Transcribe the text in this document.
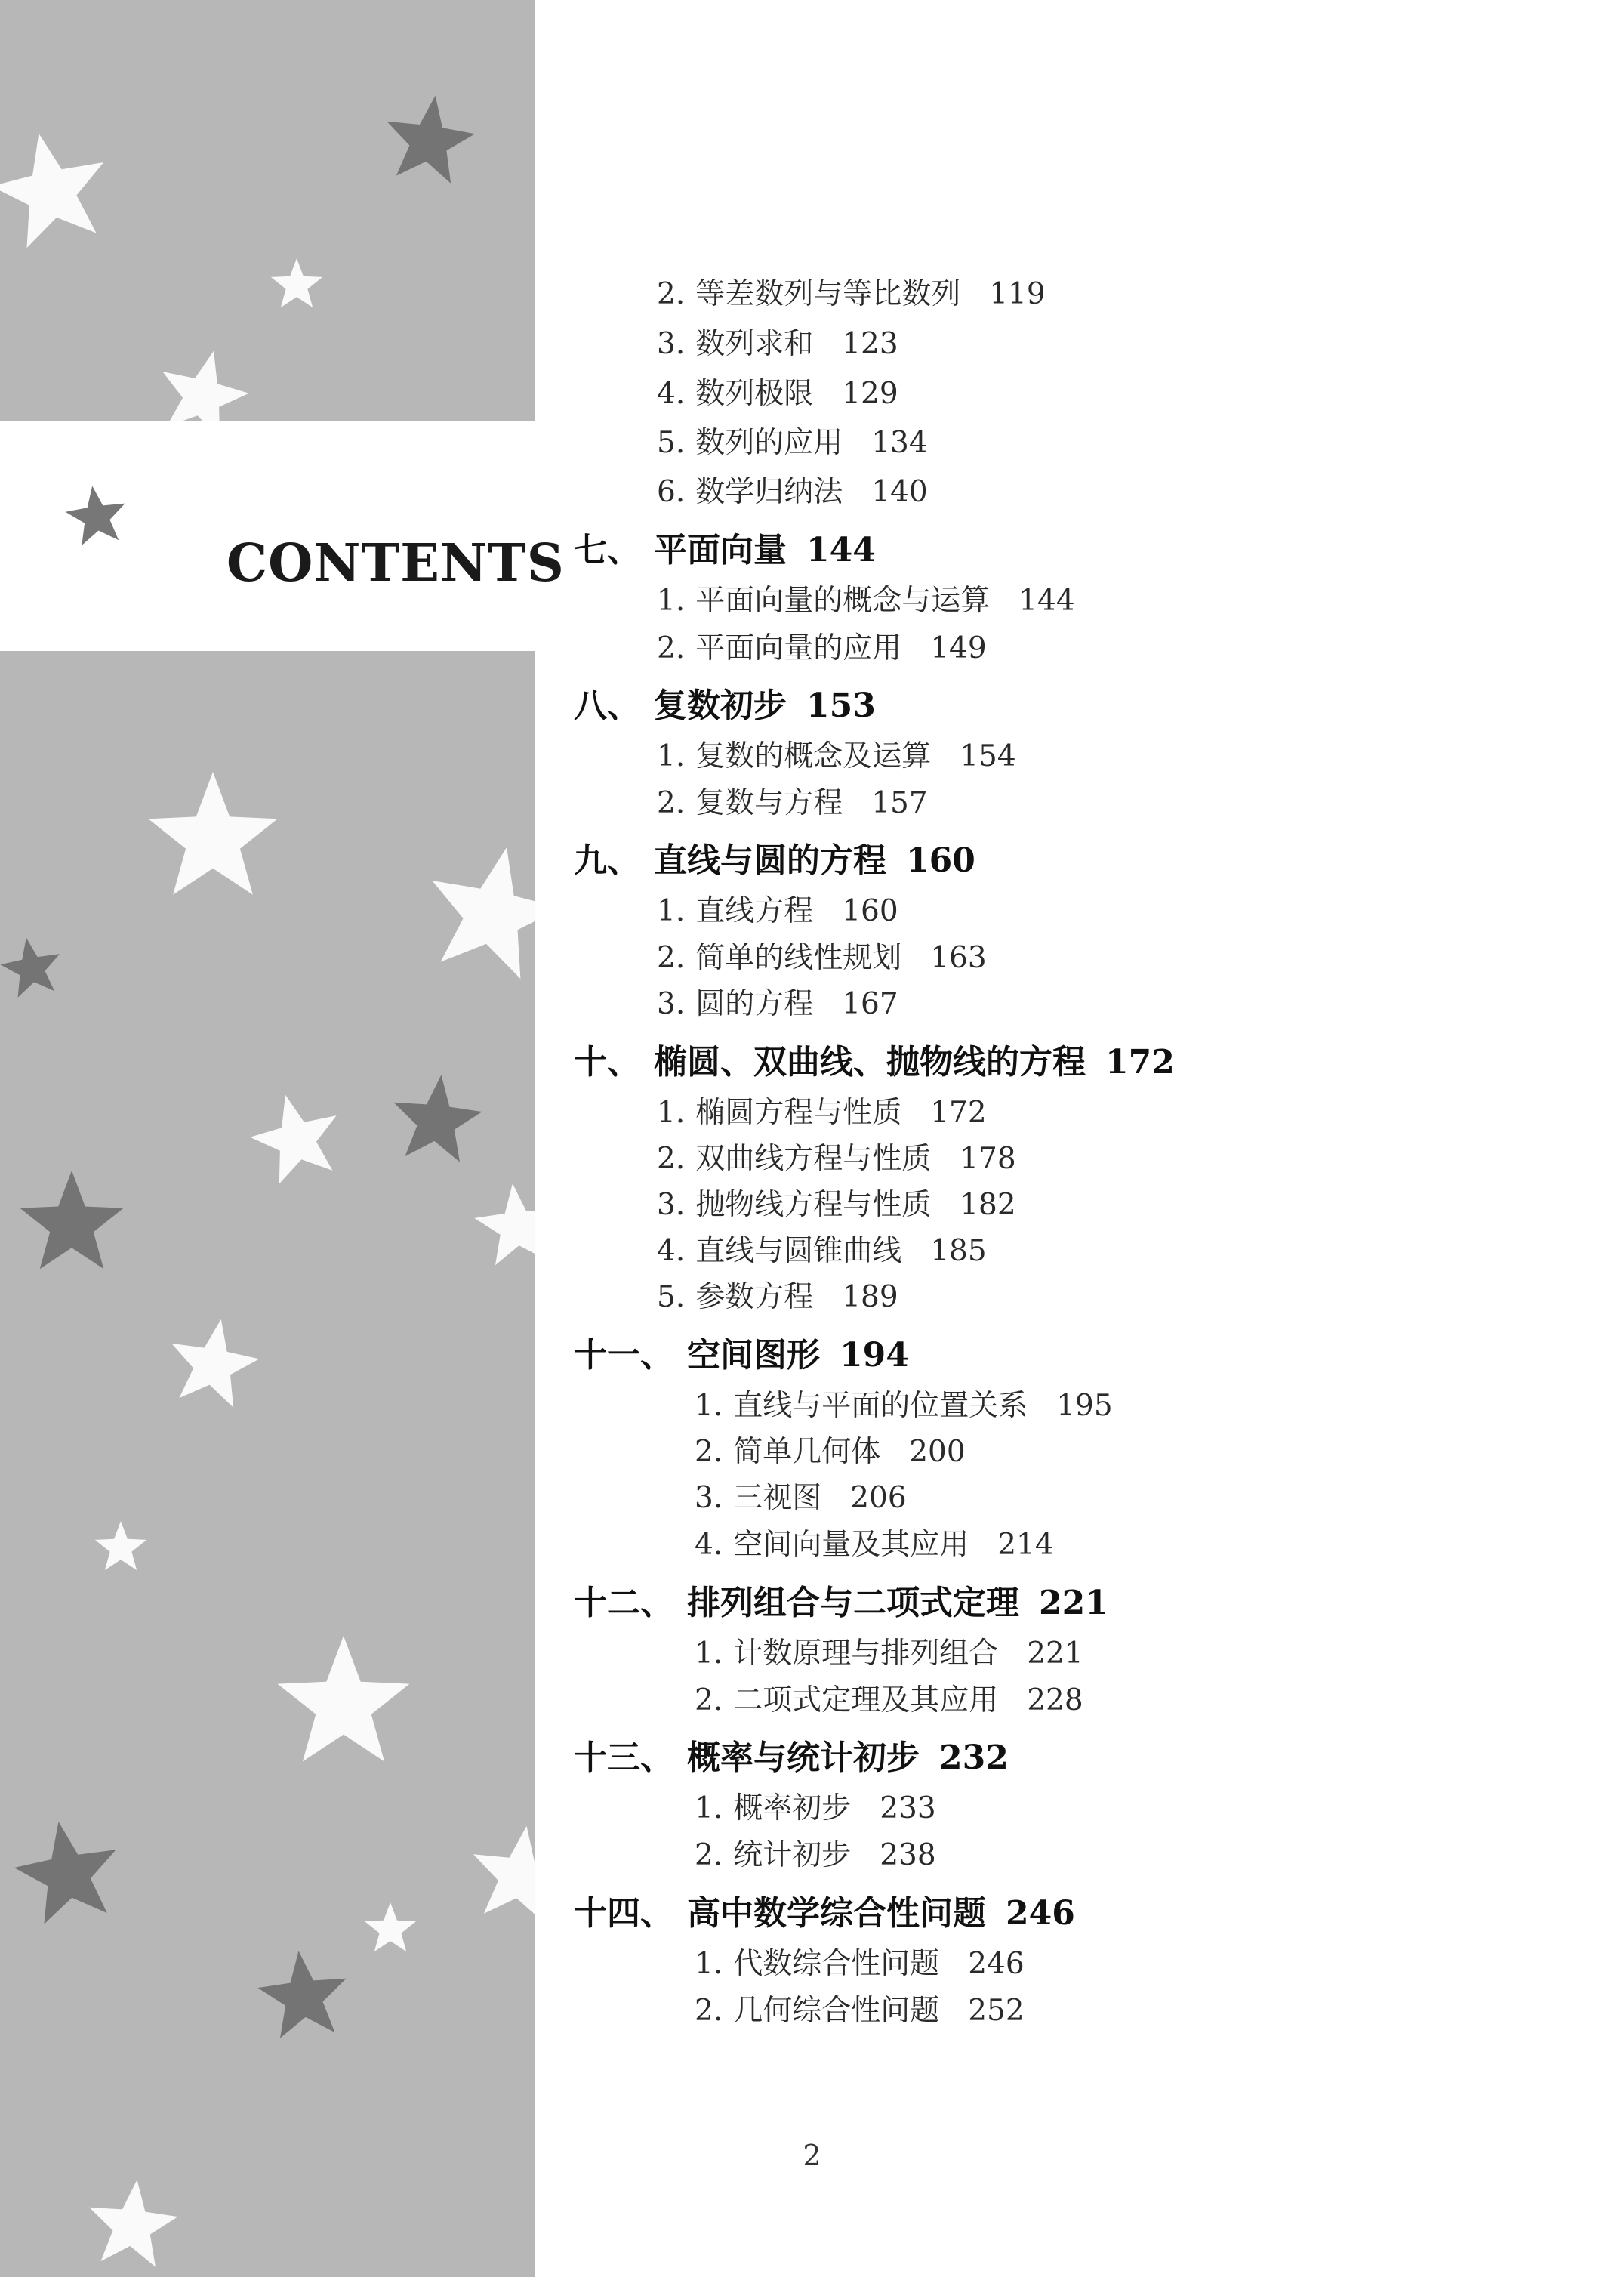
CONTENTS
2. 等差数列与等比数列 119
3. 数列求和 123
4. 数列极限 129
5. 数列的应用 134
6. 数学归纳法 140
七、 平面向量 144
1. 平面向量的概念与运算 144
2. 平面向量的应用 149
八、 复数初步 153
1. 复数的概念及运算 154
2. 复数与方程 157
九、 直线与圆的方程 160
1. 直线方程 160
2. 简单的线性规划 163
3. 圆的方程 167
十、 椭圆、双曲线、抛物线的方程 172
1. 椭圆方程与性质 172
2. 双曲线方程与性质 178
3. 抛物线方程与性质 182
4. 直线与圆锥曲线 185
5. 参数方程 189
十一、 空间图形 194
1. 直线与平面的位置关系 195
2. 简单几何体 200
3. 三视图 206
4. 空间向量及其应用 214
十二、 排列组合与二项式定理 221
1. 计数原理与排列组合 221
2. 二项式定理及其应用 228
十三、 概率与统计初步 232
1. 概率初步 233
2. 统计初步 238
十四、 高中数学综合性问题 246
1. 代数综合性问题 246
2. 几何综合性问题 252
2
